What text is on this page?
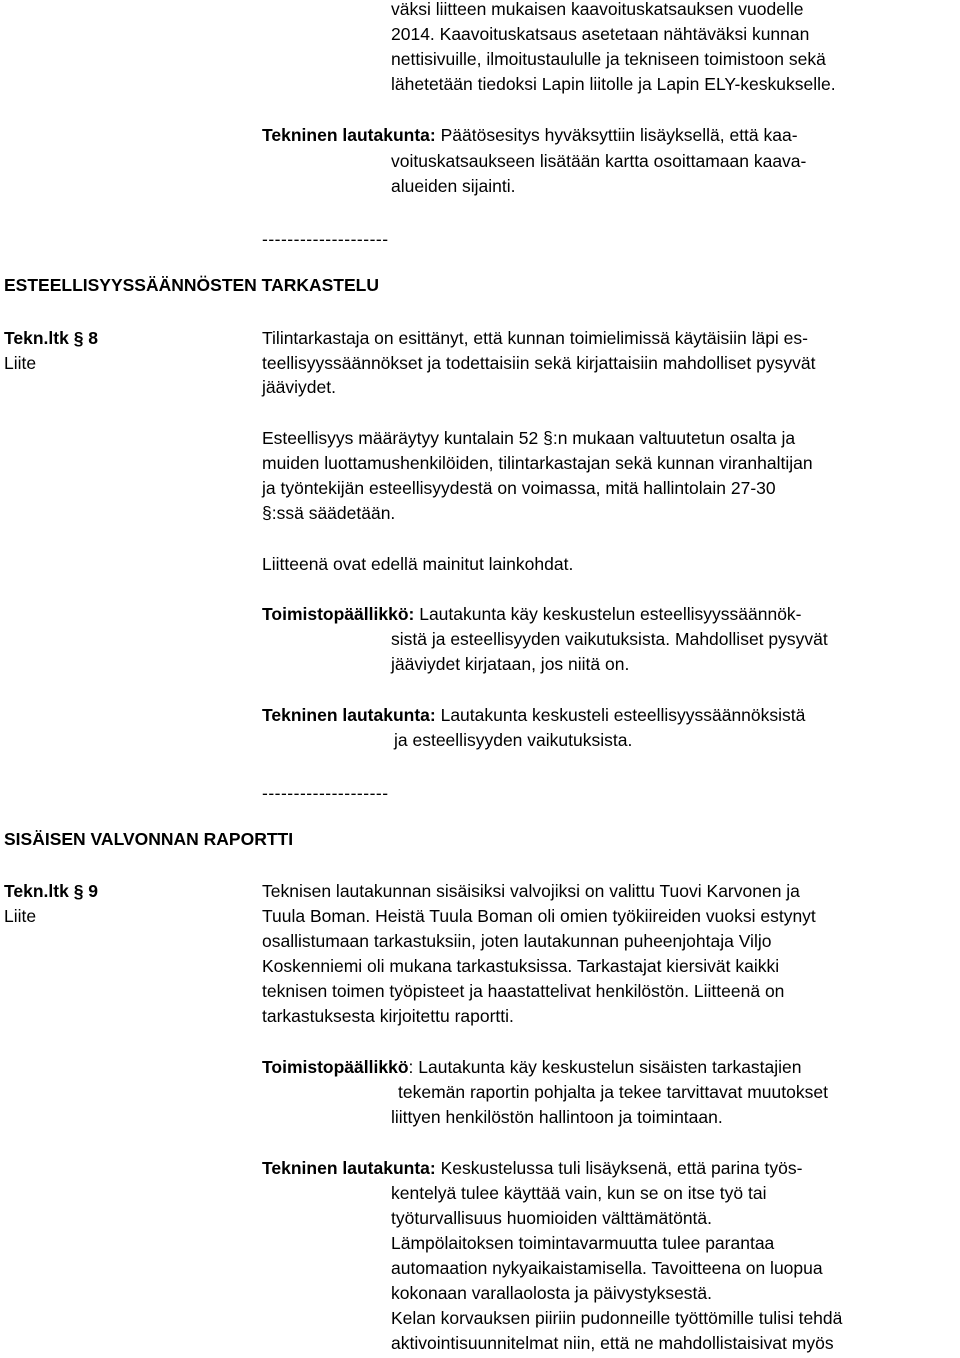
väksi liitteen mukaisen kaavoituskatsauksen vuodelle
2014. Kaavoituskatsaus asetetaan nähtäväksi kunnan
nettisivuille, ilmoitustaululle ja tekniseen toimistoon sekä
lähetetään tiedoksi Lapin liitolle ja Lapin ELY-keskukselle.
Tekninen lautakunta: Päätösesitys hyväksyttiin lisäyksellä, että kaa-
voituskatsaukseen lisätään kartta osoittamaan kaava-
alueiden sijainti.
--------------------
ESTEELLISYYSSÄÄNNÖSTEN TARKASTELU
Tekn.ltk § 8
Liite
Tilintarkastaja on esittänyt, että kunnan toimielimissä käytäisiin läpi es-
teellisyyssäännökset ja todettaisiin sekä kirjattaisiin mahdolliset pysyvät
jääviydet.
Esteellisyys määräytyy kuntalain 52 §:n mukaan valtuutetun osalta ja
muiden luottamushenkilöiden, tilintarkastajan sekä kunnan viranhaltijan
ja työntekijän esteellisyydestä on voimassa, mitä hallintolain 27-30
§:ssä säädetään.
Liitteenä ovat edellä mainitut lainkohdat.
Toimistopäällikkö: Lautakunta käy keskustelun esteellisyyssäännök-
sistä ja esteellisyyden vaikutuksista. Mahdolliset pysyvät
jääviydet kirjataan, jos niitä on.
Tekninen lautakunta: Lautakunta keskusteli esteellisyyssäännöksistä
ja esteellisyyden vaikutuksista.
--------------------
SISÄISEN VALVONNAN RAPORTTI
Tekn.ltk § 9
Liite
Teknisen lautakunnan sisäisiksi valvojiksi on valittu Tuovi Karvonen ja
Tuula Boman. Heistä Tuula Boman oli omien työkiireiden vuoksi estynyt
osallistumaan tarkastuksiin, joten lautakunnan puheenjohtaja Viljo
Koskenniemi oli mukana tarkastuksissa. Tarkastajat kiersivät kaikki
teknisen toimen työpisteet ja haastattelivat henkilöstön. Liitteenä on
tarkastuksesta kirjoitettu raportti.
Toimistopäällikkö: Lautakunta käy keskustelun sisäisten tarkastajien
tekemän raportin pohjalta ja tekee tarvittavat muutokset
liittyen henkilöstön hallintoon ja toimintaan.
Tekninen lautakunta: Keskustelussa tuli lisäyksenä, että parina työs-
kentelyä tulee käyttää vain, kun se on itse työ tai
työturvallisuus huomioiden välttämätöntä.
Lämpölaitoksen toimintavarmuutta tulee parantaa
automaation nykyaikaistamisella. Tavoitteena on luopua
kokonaan varallaolosta ja päivystyksestä.
Kelan korvauksen piiriin pudonneille työttömille tulisi tehdä
aktivointisuunnitelmat niin, että ne mahdollistaisivat myös
